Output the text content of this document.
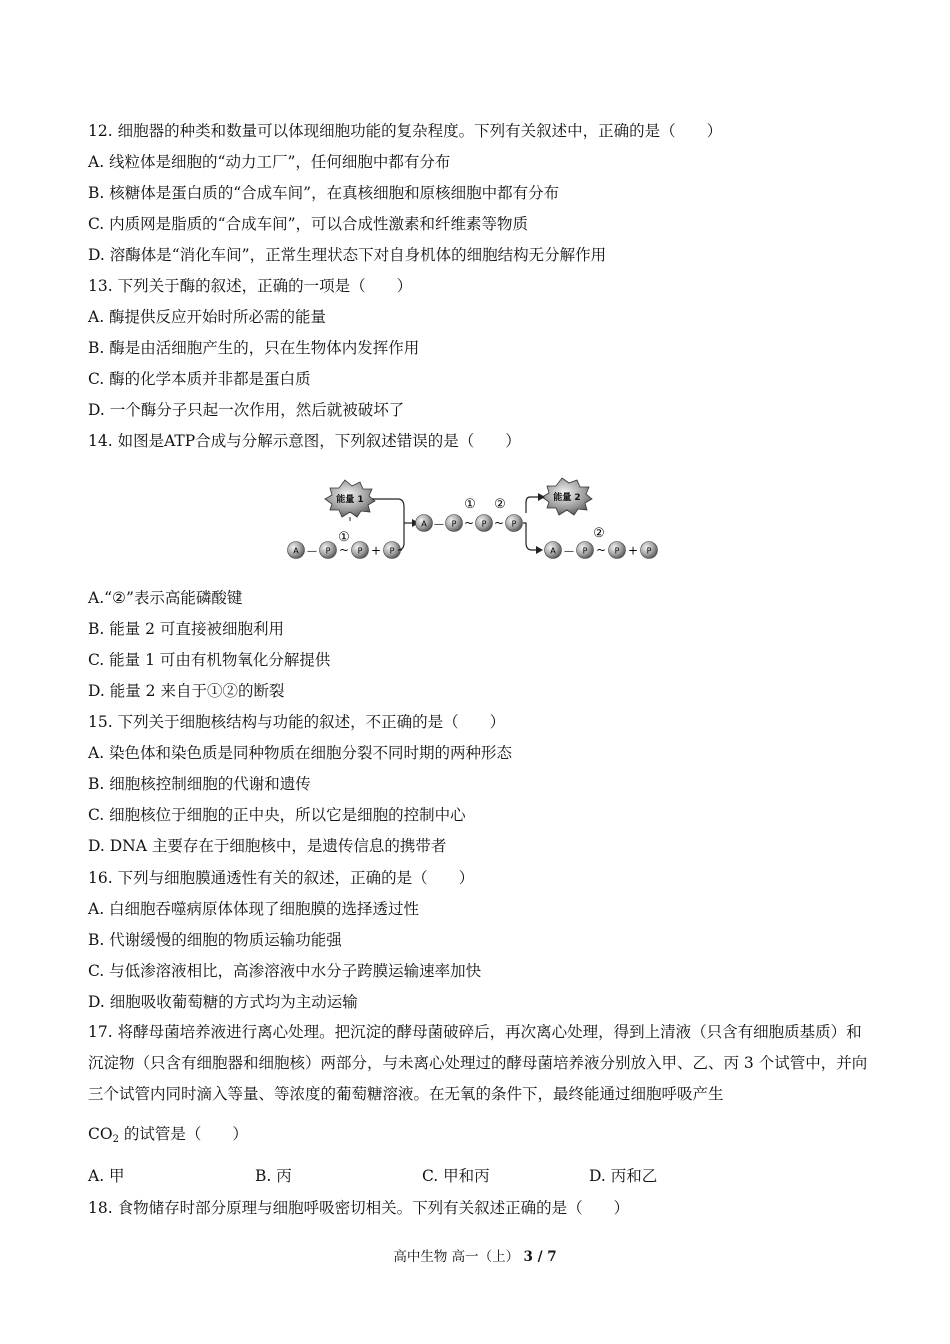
12. 细胞器的种类和数量可以体现细胞功能的复杂程度。下列有关叙述中，正确的是（　　）
A. 线粒体是细胞的“动力工厂”，任何细胞中都有分布
B. 核糖体是蛋白质的“合成车间”，在真核细胞和原核细胞中都有分布
C. 内质网是脂质的“合成车间”，可以合成性激素和纤维素等物质
D. 溶酶体是“消化车间”，正常生理状态下对自身机体的细胞结构无分解作用
13. 下列关于酶的叙述，正确的一项是（　　）
A. 酶提供反应开始时所必需的能量
B. 酶是由活细胞产生的，只在生物体内发挥作用
C. 酶的化学本质并非都是蛋白质
D. 一个酶分子只起一次作用，然后就被破坏了
14. 如图是ATP合成与分解示意图，下列叙述错误的是（　　）
能量 1	能量 2
A — P ~
①
P + P
A — P ~
①
P ~
②
P
A — P ~
②
P + P
A.“②”表示高能磷酸键
B. 能量 2 可直接被细胞利用
C. 能量 1 可由有机物氧化分解提供
D. 能量 2 来自于①②的断裂
15. 下列关于细胞核结构与功能的叙述，不正确的是（　　）
A. 染色体和染色质是同种物质在细胞分裂不同时期的两种形态
B. 细胞核控制细胞的代谢和遗传
C. 细胞核位于细胞的正中央，所以它是细胞的控制中心
D. DNA 主要存在于细胞核中，是遗传信息的携带者
16. 下列与细胞膜通透性有关的叙述，正确的是（　　）
A. 白细胞吞噬病原体体现了细胞膜的选择透过性
B. 代谢缓慢的细胞的物质运输功能强
C. 与低渗溶液相比，高渗溶液中水分子跨膜运输速率加快
D. 细胞吸收葡萄糖的方式均为主动运输
17. 将酵母菌培养液进行离心处理。把沉淀的酵母菌破碎后，再次离心处理，得到上清液（只含有细胞质基质）和沉淀物（只含有细胞器和细胞核）两部分，与未离心处理过的酵母菌培养液分别放入甲、乙、丙 3 个试管中，并向三个试管内同时滴入等量、等浓度的葡萄糖溶液。在无氧的条件下，最终能通过细胞呼吸产生
$CO_2$ 的试管是（　　）
A. 甲	B. 丙	C. 甲和丙	D. 丙和乙
18. 食物储存时部分原理与细胞呼吸密切相关。下列有关叙述正确的是（　　）
高中生物 高一（上） 3 / 7
